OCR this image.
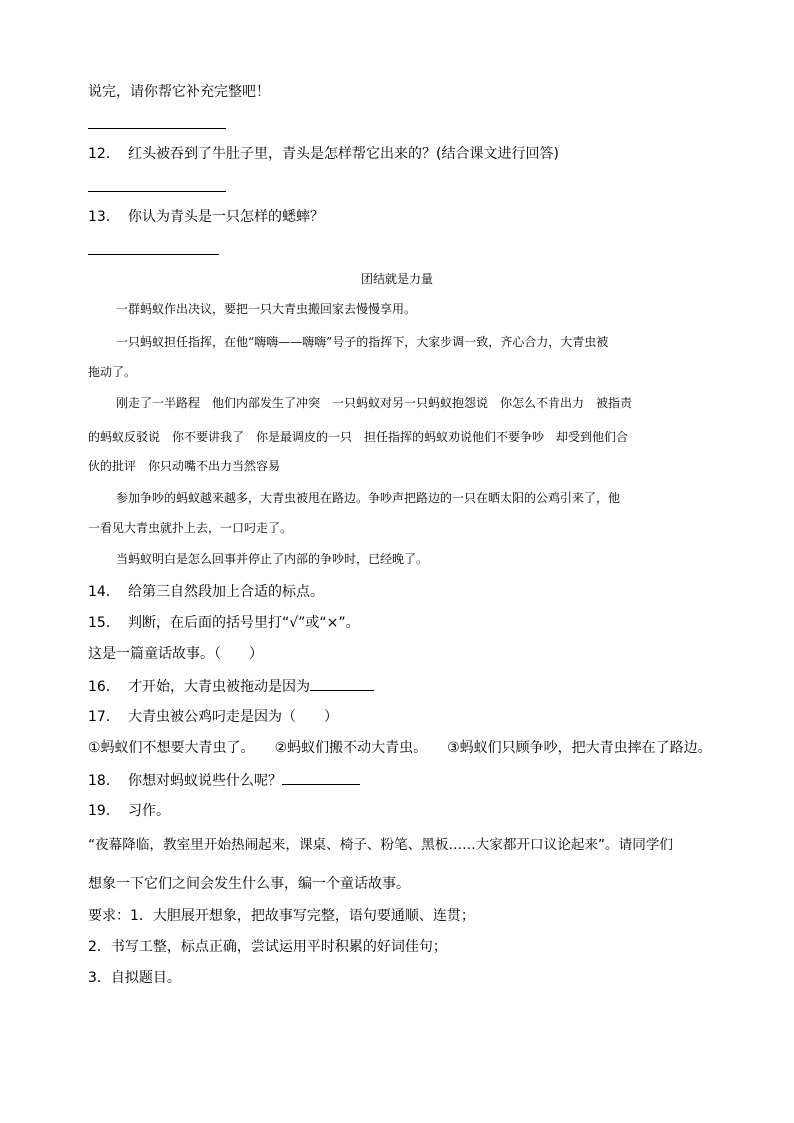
说完，请你帮它补充完整吧！
12． 红头被吞到了牛肚子里，青头是怎样帮它出来的？(结合课文进行回答)
13． 你认为青头是一只怎样的蟋蟀？
团结就是力量
一群蚂蚁作出决议，要把一只大青虫搬回家去慢慢享用。
一只蚂蚁担任指挥，在他“嗨嗨——嗨嗨”号子的指挥下，大家步调一致，齐心合力，大青虫被
拖动了。
刚走了一半路程　他们内部发生了冲突　一只蚂蚁对另一只蚂蚁抱怨说　你怎么不肯出力　被指责
的蚂蚁反驳说　你不要讲我了　你是最调皮的一只　担任指挥的蚂蚁劝说他们不要争吵　却受到他们合
伙的批评　你只动嘴不出力当然容易
参加争吵的蚂蚁越来越多，大青虫被甩在路边。争吵声把路边的一只在晒太阳的公鸡引来了，他
一看见大青虫就扑上去，一口叼走了。
当蚂蚁明白是怎么回事并停止了内部的争吵时，已经晚了。
14． 给第三自然段加上合适的标点。
15． 判断，在后面的括号里打“√”或“×”。
这是一篇童话故事。（　　）
16． 才开始，大青虫被拖动是因为
17． 大青虫被公鸡叼走是因为（　　）
①蚂蚁们不想要大青虫了。 ②蚂蚁们搬不动大青虫。 ③蚂蚁们只顾争吵，把大青虫摔在了路边。
18． 你想对蚂蚁说些什么呢？
19． 习作。
“夜幕降临，教室里开始热闹起来，课桌、椅子、粉笔、黑板……大家都开口议论起来”。请同学们
想象一下它们之间会发生什么事，编一个童话故事。
要求：1．大胆展开想象，把故事写完整，语句要通顺、连贯；
2．书写工整，标点正确，尝试运用平时积累的好词佳句；
3．自拟题目。
